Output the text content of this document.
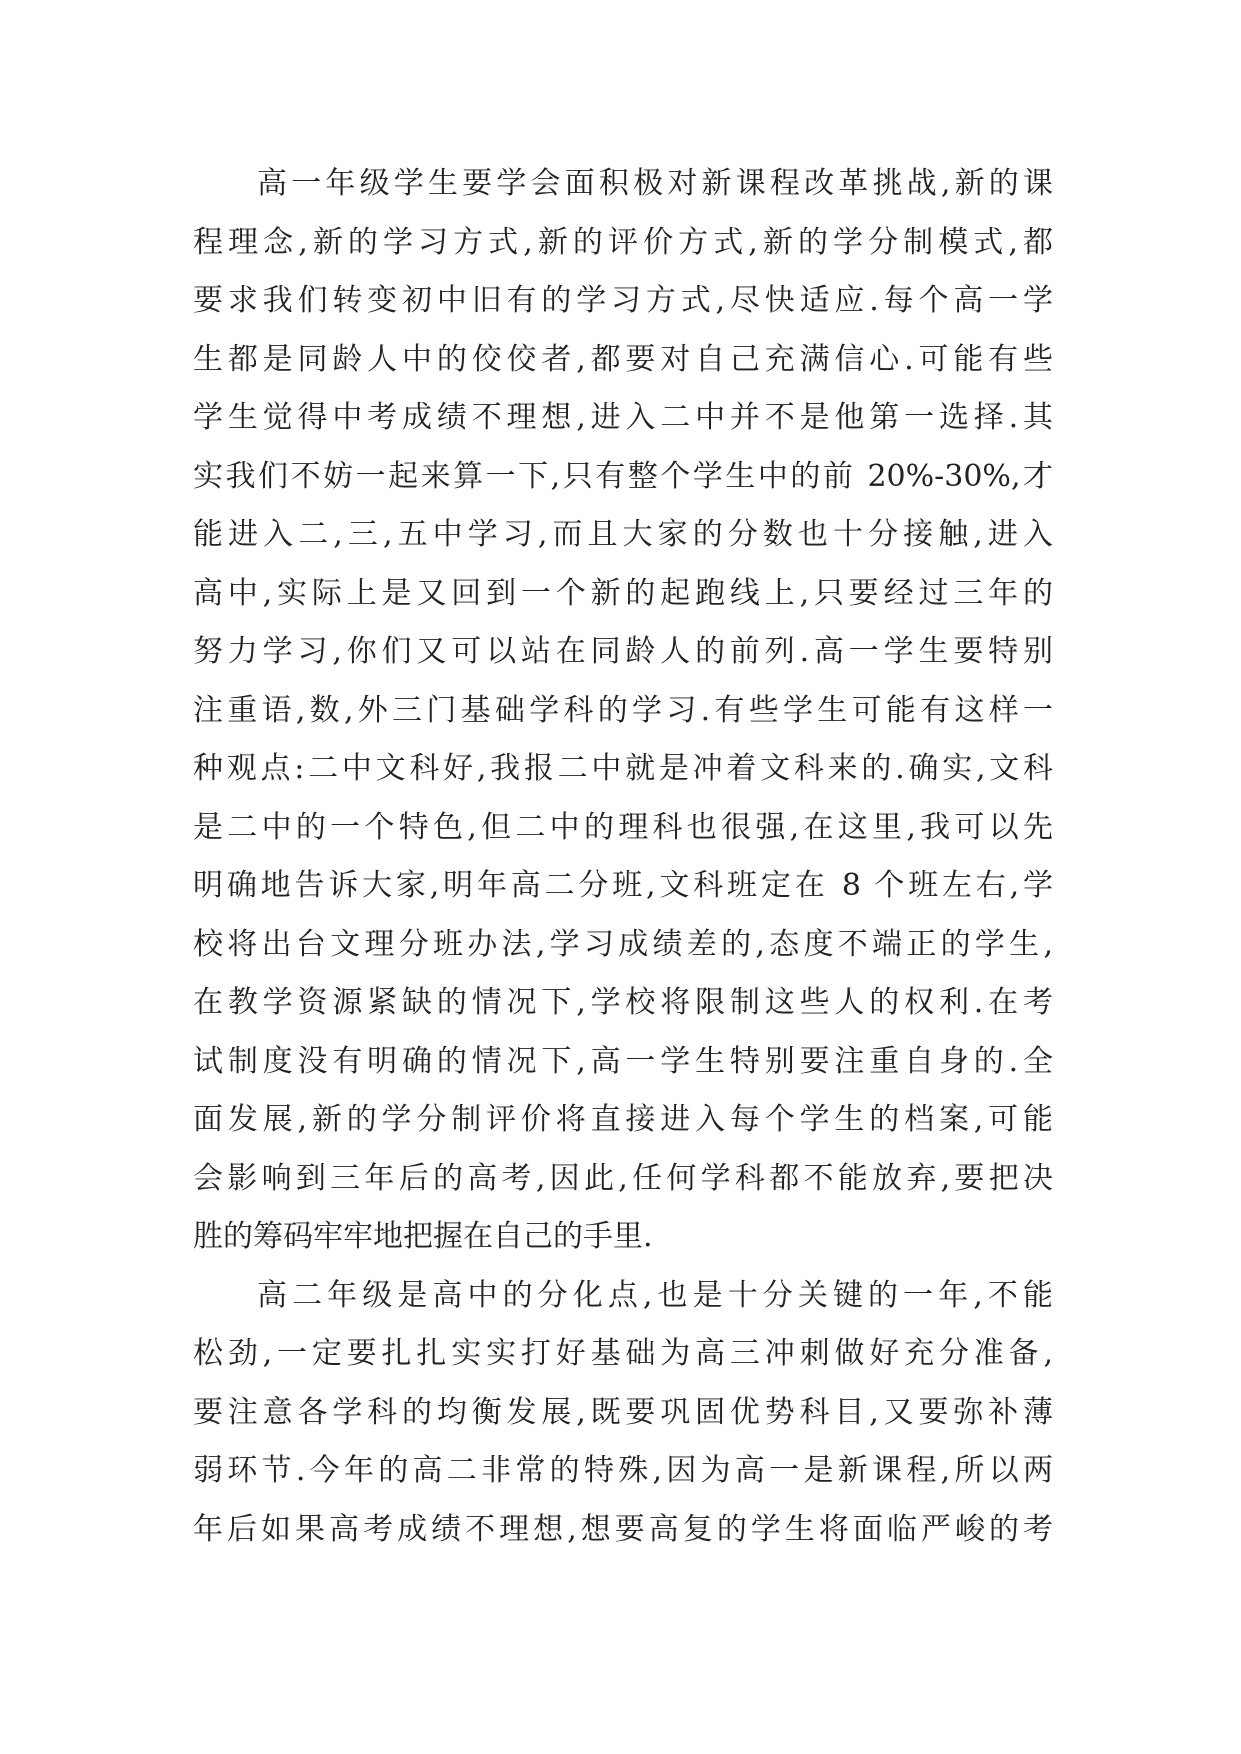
高一年级学生要学会面积极对新课程改革挑战,新的课
程理念,新的学习方式,新的评价方式,新的学分制模式,都
要求我们转变初中旧有的学习方式,尽快适应.每个高一学
生都是同龄人中的佼佼者,都要对自己充满信心.可能有些
学生觉得中考成绩不理想,进入二中并不是他第一选择.其
实我们不妨一起来算一下,只有整个学生中的前 20%-30%,才
能进入二,三,五中学习,而且大家的分数也十分接触,进入
高中,实际上是又回到一个新的起跑线上,只要经过三年的
努力学习,你们又可以站在同龄人的前列.高一学生要特别
注重语,数,外三门基础学科的学习.有些学生可能有这样一
种观点:二中文科好,我报二中就是冲着文科来的.确实,文科
是二中的一个特色,但二中的理科也很强,在这里,我可以先
明确地告诉大家,明年高二分班,文科班定在 8 个班左右,学
校将出台文理分班办法,学习成绩差的,态度不端正的学生,
在教学资源紧缺的情况下,学校将限制这些人的权利.在考
试制度没有明确的情况下,高一学生特别要注重自身的.全
面发展,新的学分制评价将直接进入每个学生的档案,可能
会影响到三年后的高考,因此,任何学科都不能放弃,要把决
胜的筹码牢牢地把握在自己的手里.
高二年级是高中的分化点,也是十分关键的一年,不能
松劲,一定要扎扎实实打好基础为高三冲刺做好充分准备,
要注意各学科的均衡发展,既要巩固优势科目,又要弥补薄
弱环节.今年的高二非常的特殊,因为高一是新课程,所以两
年后如果高考成绩不理想,想要高复的学生将面临严峻的考
